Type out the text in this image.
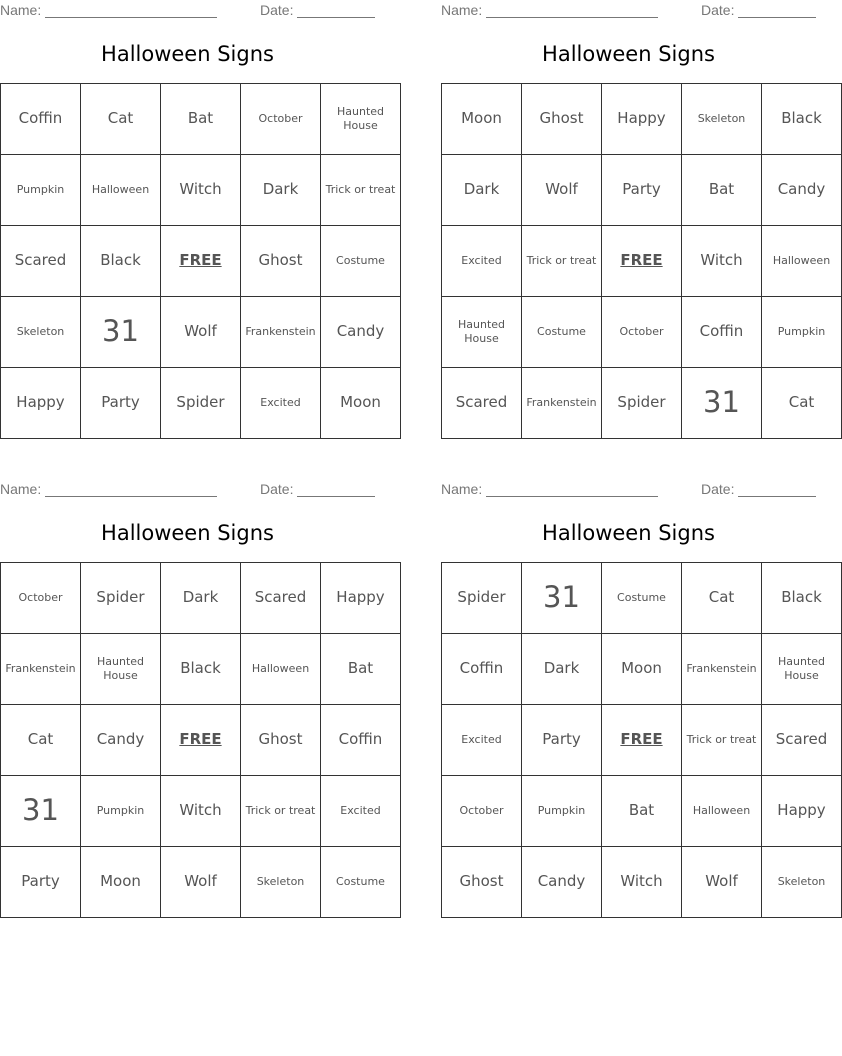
Name:	Date:
Halloween Signs
Coffin	Cat	Bat	October	Haunted House
Pumpkin	Halloween	Witch	Dark	Trick or treat
Scared	Black	FREE	Ghost	Costume
Skeleton	31	Wolf	Frankenstein	Candy
Happy	Party	Spider	Excited	Moon
Name:	Date:
Halloween Signs
Moon	Ghost	Happy	Skeleton	Black
Dark	Wolf	Party	Bat	Candy
Excited	Trick or treat	FREE	Witch	Halloween
Haunted House	Costume	October	Coffin	Pumpkin
Scared	Frankenstein	Spider	31	Cat
Name:	Date:
Halloween Signs
October	Spider	Dark	Scared	Happy
Frankenstein	Haunted House	Black	Halloween	Bat
Cat	Candy	FREE	Ghost	Coffin
31	Pumpkin	Witch	Trick or treat	Excited
Party	Moon	Wolf	Skeleton	Costume
Name:	Date:
Halloween Signs
Spider	31	Costume	Cat	Black
Coffin	Dark	Moon	Frankenstein	Haunted House
Excited	Party	FREE	Trick or treat	Scared
October	Pumpkin	Bat	Halloween	Happy
Ghost	Candy	Witch	Wolf	Skeleton
